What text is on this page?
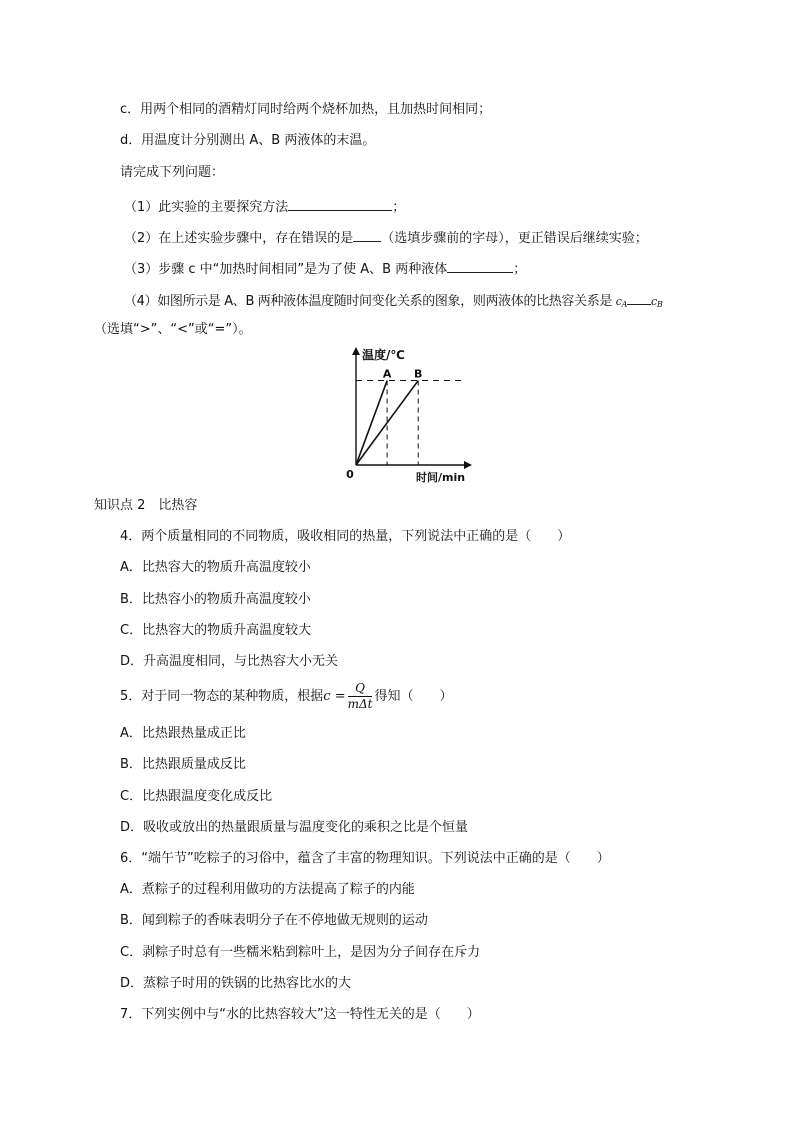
c．用两个相同的酒精灯同时给两个烧杯加热，且加热时间相同；
d．用温度计分别测出 A、B 两液体的末温。
请完成下列问题：
（1）此实验的主要探究方法	；
（2）在上述实验步骤中，存在错误的是 （选填步骤前的字母），更正错误后继续实验；
（3）步骤 c 中“加热时间相同”是为了使 A、B 两种液体	；
（4）如图所示是 A、B 两种液体温度随时间变化关系的图象，则两液体的比热容关系是 $c_A$ $c_B$
（选填“>”、“<”或“=”）。
A B
温度/℃
时间/min
0
知识点 2　比热容
4．两个质量相同的不同物质，吸收相同的热量，下列说法中正确的是（　　）
A．比热容大的物质升高温度较小
B．比热容小的物质升高温度较小
C．比热容大的物质升高温度较大
D．升高温度相同，与比热容大小无关
5．对于同一物态的某种物质，根据$c = \frac{Q}{\text{mΔt}}$ 得知（　　）
A．比热跟热量成正比
B．比热跟质量成反比
C．比热跟温度变化成反比
D．吸收或放出的热量跟质量与温度变化的乘积之比是个恒量
6．“端午节”吃粽子的习俗中，蕴含了丰富的物理知识。下列说法中正确的是（　　）
A．煮粽子的过程利用做功的方法提高了粽子的内能
B．闻到粽子的香味表明分子在不停地做无规则的运动
C．剥粽子时总有一些糯米粘到粽叶上，是因为分子间存在斥力
D．蒸粽子时用的铁锅的比热容比水的大
7．下列实例中与“水的比热容较大”这一特性无关的是（　　）
